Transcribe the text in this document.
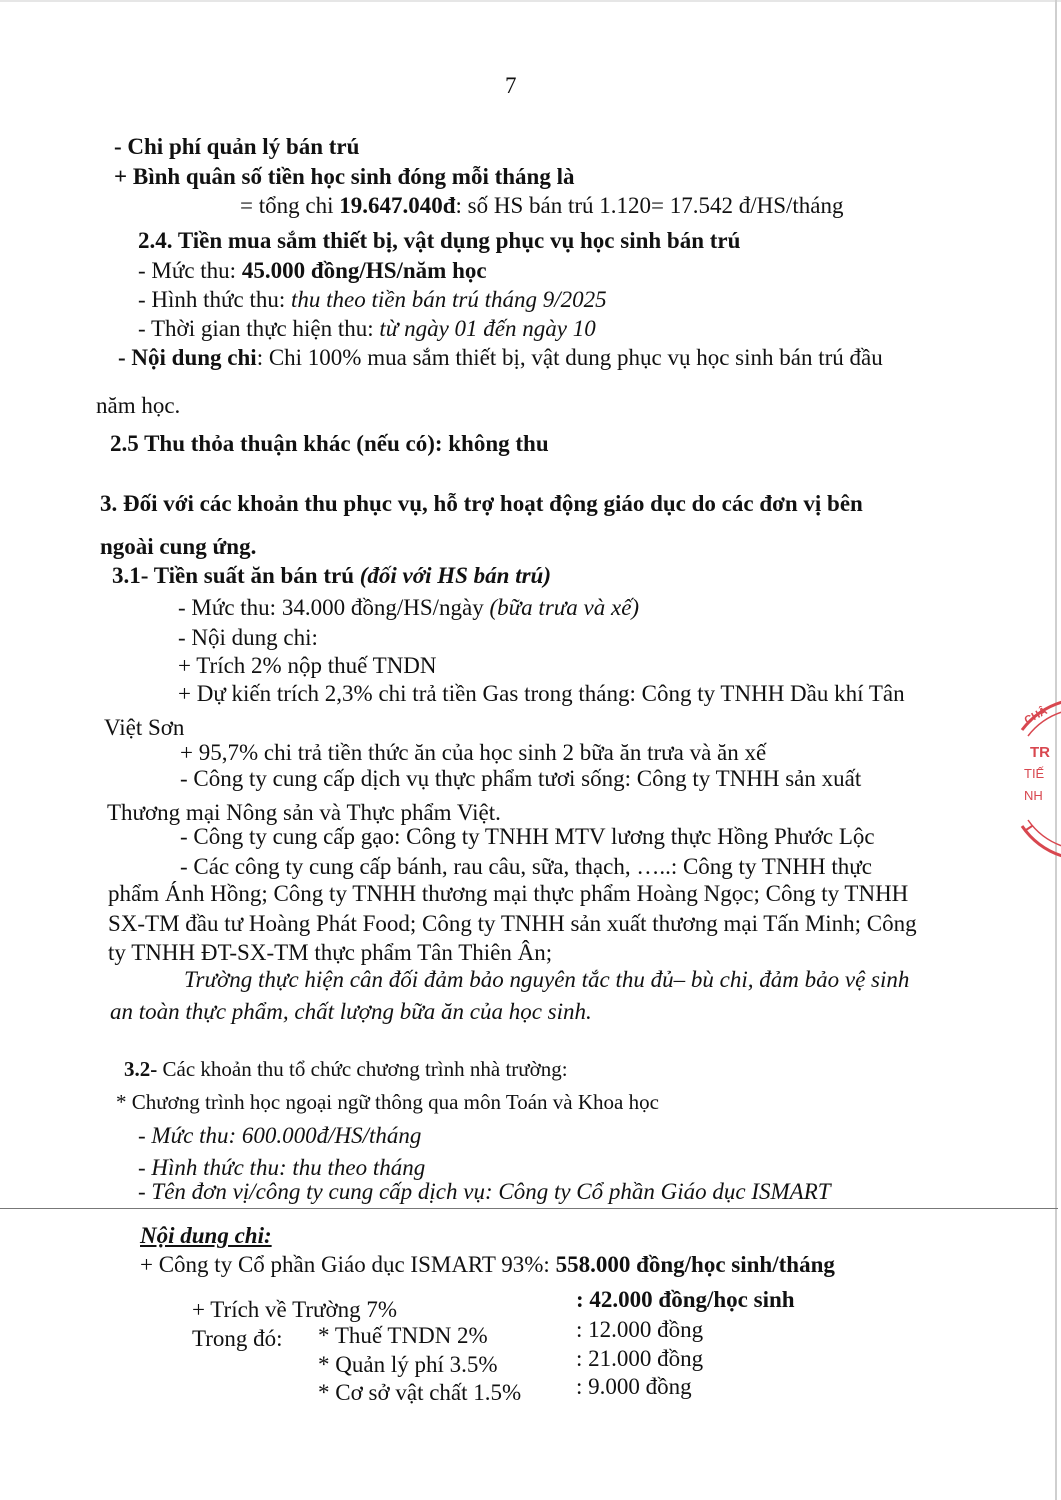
7
- Chi phí quản lý bán trú
+ Bình quân số tiền học sinh đóng mỗi tháng là
= tổng chi 19.647.040đ: số HS bán trú 1.120= 17.542 đ/HS/tháng
2.4. Tiền mua sắm thiết bị, vật dụng phục vụ học sinh bán trú
- Mức thu: 45.000 đồng/HS/năm học
- Hình thức thu: thu theo tiền bán trú tháng 9/2025
- Thời gian thực hiện thu: từ ngày 01 đến ngày 10
- Nội dung chi: Chi 100% mua sắm thiết bị, vật dung phục vụ học sinh bán trú đầu
năm học.
2.5 Thu thỏa thuận khác (nếu có): không thu
3. Đối với các khoản thu phục vụ, hỗ trợ hoạt động giáo dục do các đơn vị bên
ngoài cung ứng.
3.1- Tiền suất ăn bán trú (đối với HS bán trú)
- Mức thu: 34.000 đồng/HS/ngày (bữa trưa và xế)
- Nội dung chi:
+ Trích 2% nộp thuế TNDN
+ Dự kiến trích 2,3% chi trả tiền Gas trong tháng: Công ty TNHH Dầu khí Tân
Việt Sơn
+ 95,7% chi trả tiền thức ăn của học sinh 2 bữa ăn trưa và ăn xế
- Công ty cung cấp dịch vụ thực phẩm tươi sống: Công ty TNHH sản xuất
Thương mại Nông sản và Thực phẩm Việt.
- Công ty cung cấp gạo: Công ty TNHH MTV lương thực Hồng Phước Lộc
- Các công ty cung cấp bánh, rau câu, sữa, thạch, …..: Công ty TNHH thực
phẩm Ánh Hồng; Công ty TNHH thương mại thực phẩm Hoàng Ngọc; Công ty TNHH
SX-TM đầu tư Hoàng Phát Food; Công ty TNHH sản xuất thương mại Tấn Minh; Công
ty TNHH ĐT-SX-TM thực phẩm Tân Thiên Ân;
Trường thực hiện cân đối đảm bảo nguyên tắc thu đủ– bù chi, đảm bảo vệ sinh
an toàn thực phẩm, chất lượng bữa ăn của học sinh.
3.2- Các khoản thu tổ chức chương trình nhà trường:
* Chương trình học ngoại ngữ thông qua môn Toán và Khoa học
- Mức thu: 600.000đ/HS/tháng
- Hình thức thu: thu theo tháng
- Tên đơn vị/công ty cung cấp dịch vụ: Công ty Cổ phần Giáo dục ISMART
Nội dung chi:
+ Công ty Cổ phần Giáo dục ISMART 93%: 558.000 đồng/học sinh/tháng
+ Trích về Trường 7%	: 42.000 đồng/học sinh
Trong đó: * Thuế TNDN 2%	: 12.000 đồng
* Quản lý phí 3.5%	: 21.000 đồng
* Cơ sở vật chất 1.5% : 9.000 đồng
CHÂ
TR
TIẾ
NH
